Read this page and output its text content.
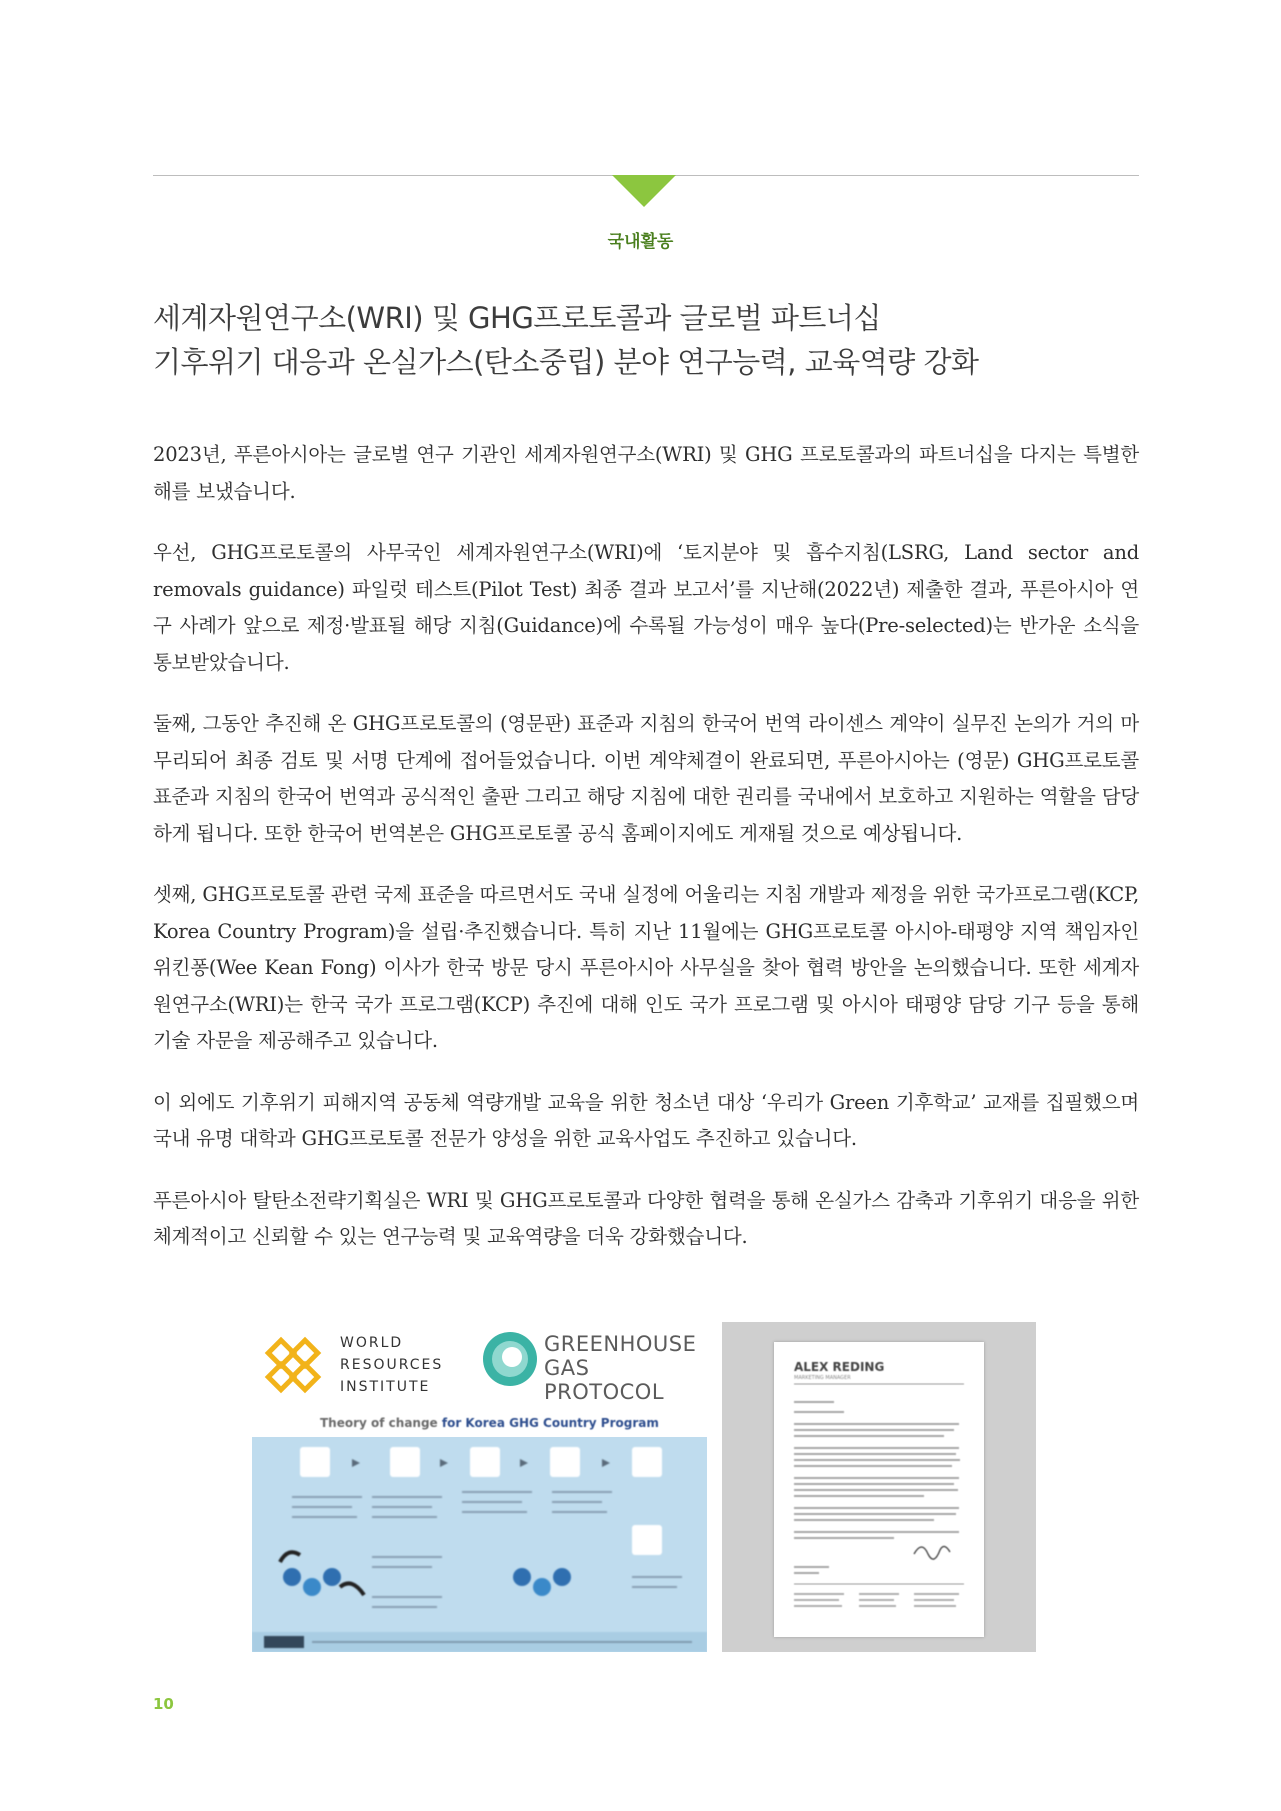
국내활동
세계자원연구소(WRI) 및 GHG프로토콜과 글로벌 파트너십
기후위기 대응과 온실가스(탄소중립) 분야 연구능력, 교육역량 강화

2023년, 푸른아시아는 글로벌 연구 기관인 세계자원연구소(WRI) 및 GHG 프로토콜과의 파트너십을 다지는 특별한 해를 보냈습니다.

우선, GHG프로토콜의 사무국인 세계자원연구소(WRI)에 ‘토지분야 및 흡수지침(LSRG, Land sector and removals guidance) 파일럿 테스트(Pilot Test) 최종 결과 보고서’를 지난해(2022년) 제출한 결과, 푸른아시아 연구 사례가 앞으로 제정·발표될 해당 지침(Guidance)에 수록될 가능성이 매우 높다(Pre-selected)는 반가운 소식을 통보받았습니다.

둘째, 그동안 추진해 온 GHG프로토콜의 (영문판) 표준과 지침의 한국어 번역 라이센스 계약이 실무진 논의가 거의 마무리되어 최종 검토 및 서명 단계에 접어들었습니다. 이번 계약체결이 완료되면, 푸른아시아는 (영문) GHG프로토콜 표준과 지침의 한국어 번역과 공식적인 출판 그리고 해당 지침에 대한 권리를 국내에서 보호하고 지원하는 역할을 담당하게 됩니다. 또한 한국어 번역본은 GHG프로토콜 공식 홈페이지에도 게재될 것으로 예상됩니다.

셋째, GHG프로토콜 관련 국제 표준을 따르면서도 국내 실정에 어울리는 지침 개발과 제정을 위한 국가프로그램(KCP, Korea Country Program)을 설립·추진했습니다. 특히 지난 11월에는 GHG프로토콜 아시아-태평양 지역 책임자인 위킨퐁(Wee Kean Fong) 이사가 한국 방문 당시 푸른아시아 사무실을 찾아 협력 방안을 논의했습니다. 또한 세계자원연구소(WRI)는 한국 국가 프로그램(KCP) 추진에 대해 인도 국가 프로그램 및 아시아 태평양 담당 기구 등을 통해 기술 자문을 제공해주고 있습니다.

이 외에도 기후위기 피해지역 공동체 역량개발 교육을 위한 청소년 대상 ‘우리가 Green 기후학교’ 교재를 집필했으며 국내 유명 대학과 GHG프로토콜 전문가 양성을 위한 교육사업도 추진하고 있습니다.

푸른아시아 탈탄소전략기획실은 WRI 및 GHG프로토콜과 다양한 협력을 통해 온실가스 감축과 기후위기 대응을 위한 체계적이고 신뢰할 수 있는 연구능력 및 교육역량을 더욱 강화했습니다.

WORLD
RESOURCES
INSTITUTE
GREENHOUSE
GAS PROTOCOL
Theory of change for Korea GHG Country Program
ALEX REDING
MARKETING MANAGER
10
